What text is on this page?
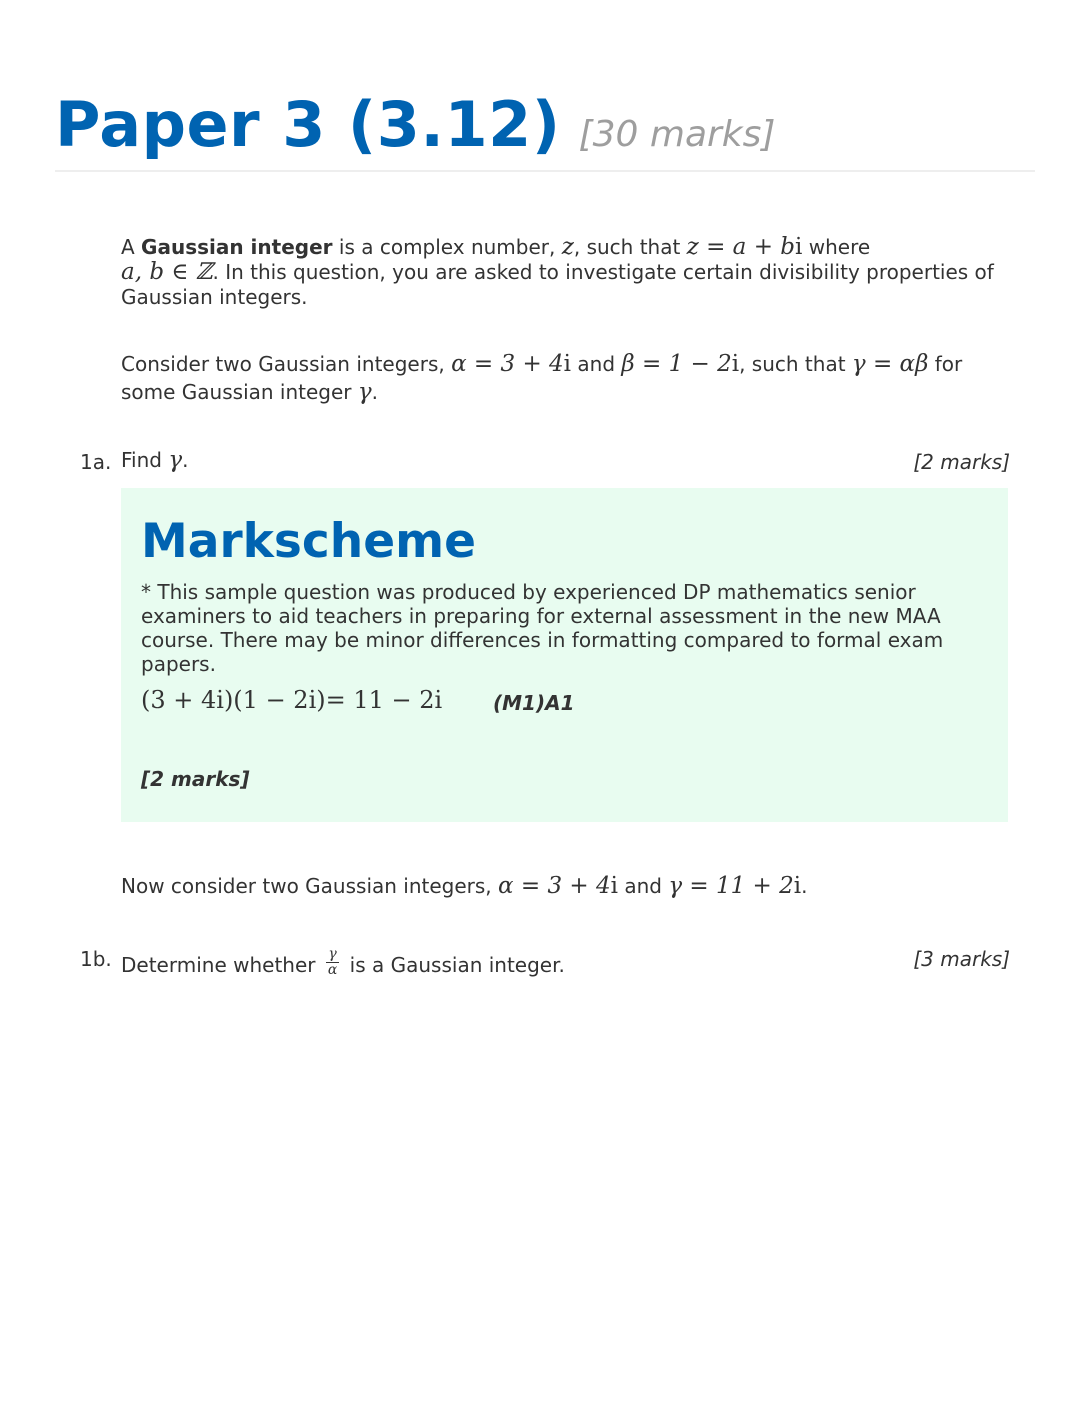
Paper 3 (3.12) [30 marks]
A Gaussian integer is a complex number, z, such that z = a + bi where
a, b ∈ ℤ. In this question, you are asked to investigate certain divisibility properties of Gaussian integers.
Consider two Gaussian integers, α = 3 + 4i and β = 1 − 2i, such that γ = αβ for some Gaussian integer γ.
1a. Find γ.	[2 marks]
Markscheme
* This sample question was produced by experienced DP mathematics senior examiners to aid teachers in preparing for external assessment in the new MAA course. There may be minor differences in formatting compared to formal exam papers.
(3 + 4i)(1 − 2i)= 11 − 2i	(M1)A1
[2 marks]
Now consider two Gaussian integers, α = 3 + 4i and γ = 11 + 2i.
1b. Determine whether $\frac{\gamma}{\alpha}$ is a Gaussian integer.	[3 marks]
